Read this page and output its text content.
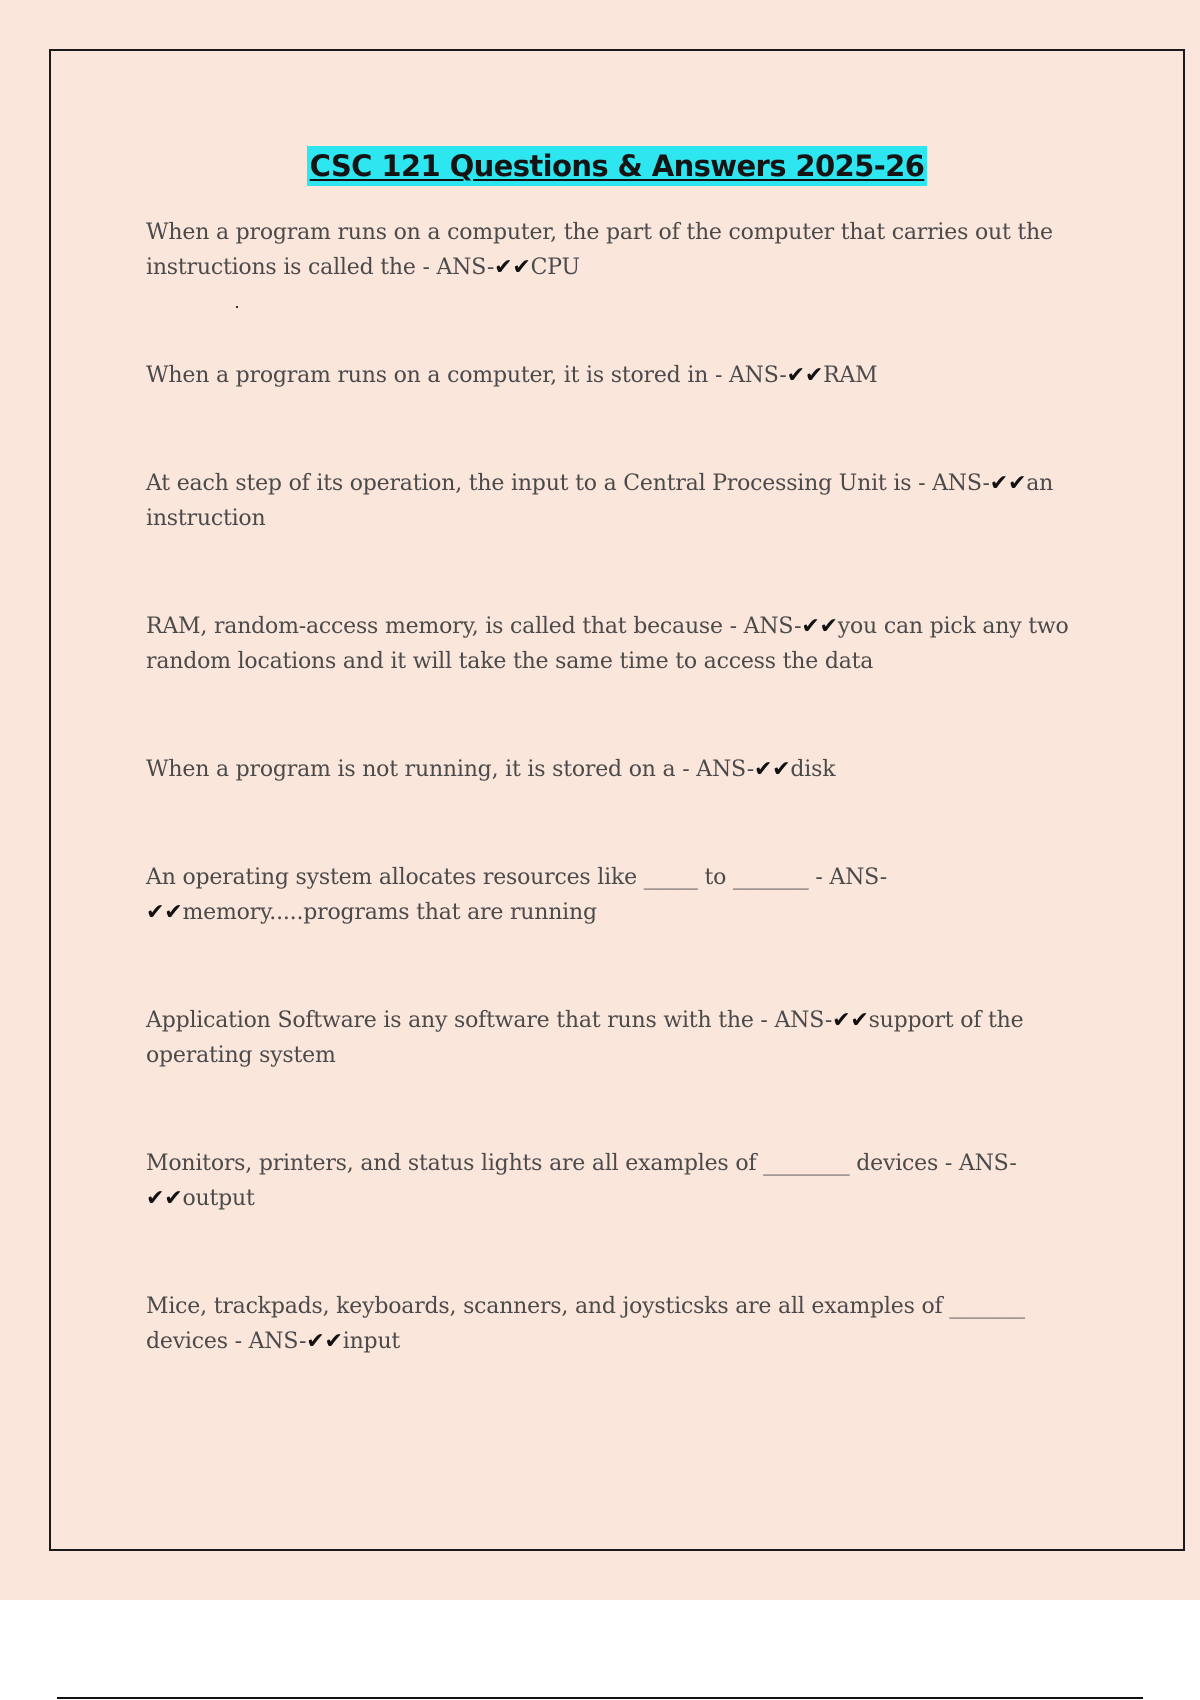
CSC 121 Questions & Answers 2025-26
When a program runs on a computer, the part of the computer that carries out the instructions is called the - ANS-✔✔CPU
When a program runs on a computer, it is stored in - ANS-✔✔RAM
At each step of its operation, the input to a Central Processing Unit is - ANS-✔✔an instruction
RAM, random-access memory, is called that because - ANS-✔✔you can pick any two random locations and it will take the same time to access the data
When a program is not running, it is stored on a - ANS-✔✔disk
An operating system allocates resources like _____ to _______ - ANS-✔✔memory.....programs that are running
Application Software is any software that runs with the - ANS-✔✔support of the operating system
Monitors, printers, and status lights are all examples of ________ devices - ANS-✔✔output
Mice, trackpads, keyboards, scanners, and joysticsks are all examples of _______ devices - ANS-✔✔input
